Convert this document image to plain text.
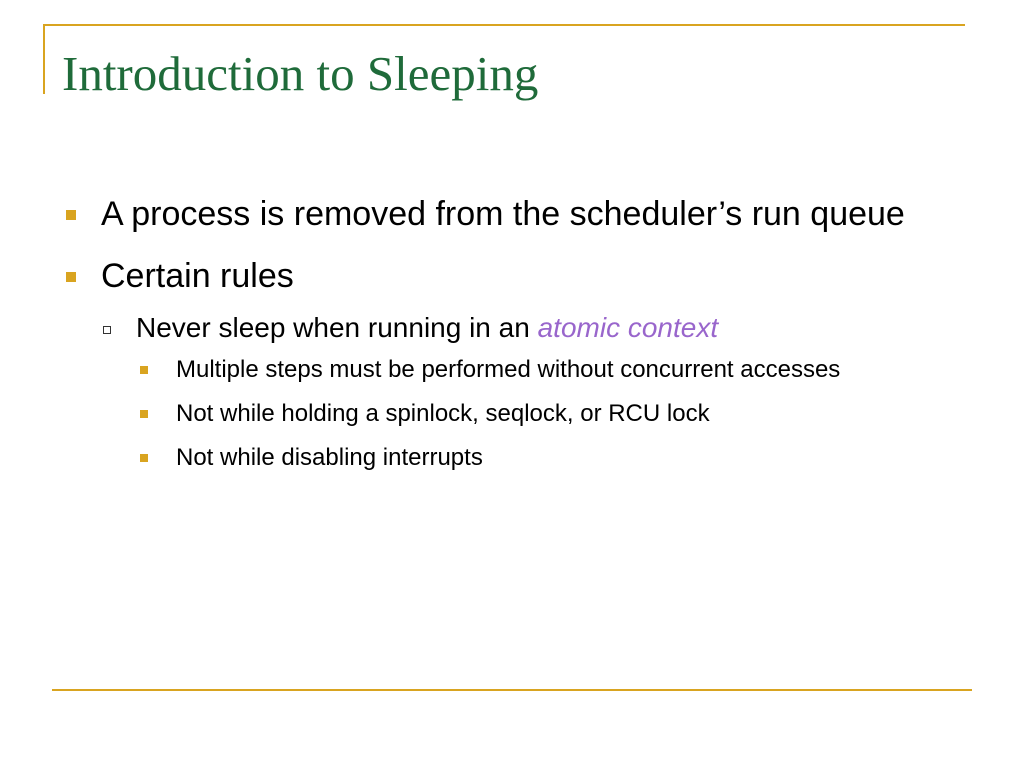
Introduction to Sleeping
A process is removed from the scheduler’s run queue
Certain rules
Never sleep when running in an atomic context
Multiple steps must be performed without concurrent accesses
Not while holding a spinlock, seqlock, or RCU lock
Not while disabling interrupts
